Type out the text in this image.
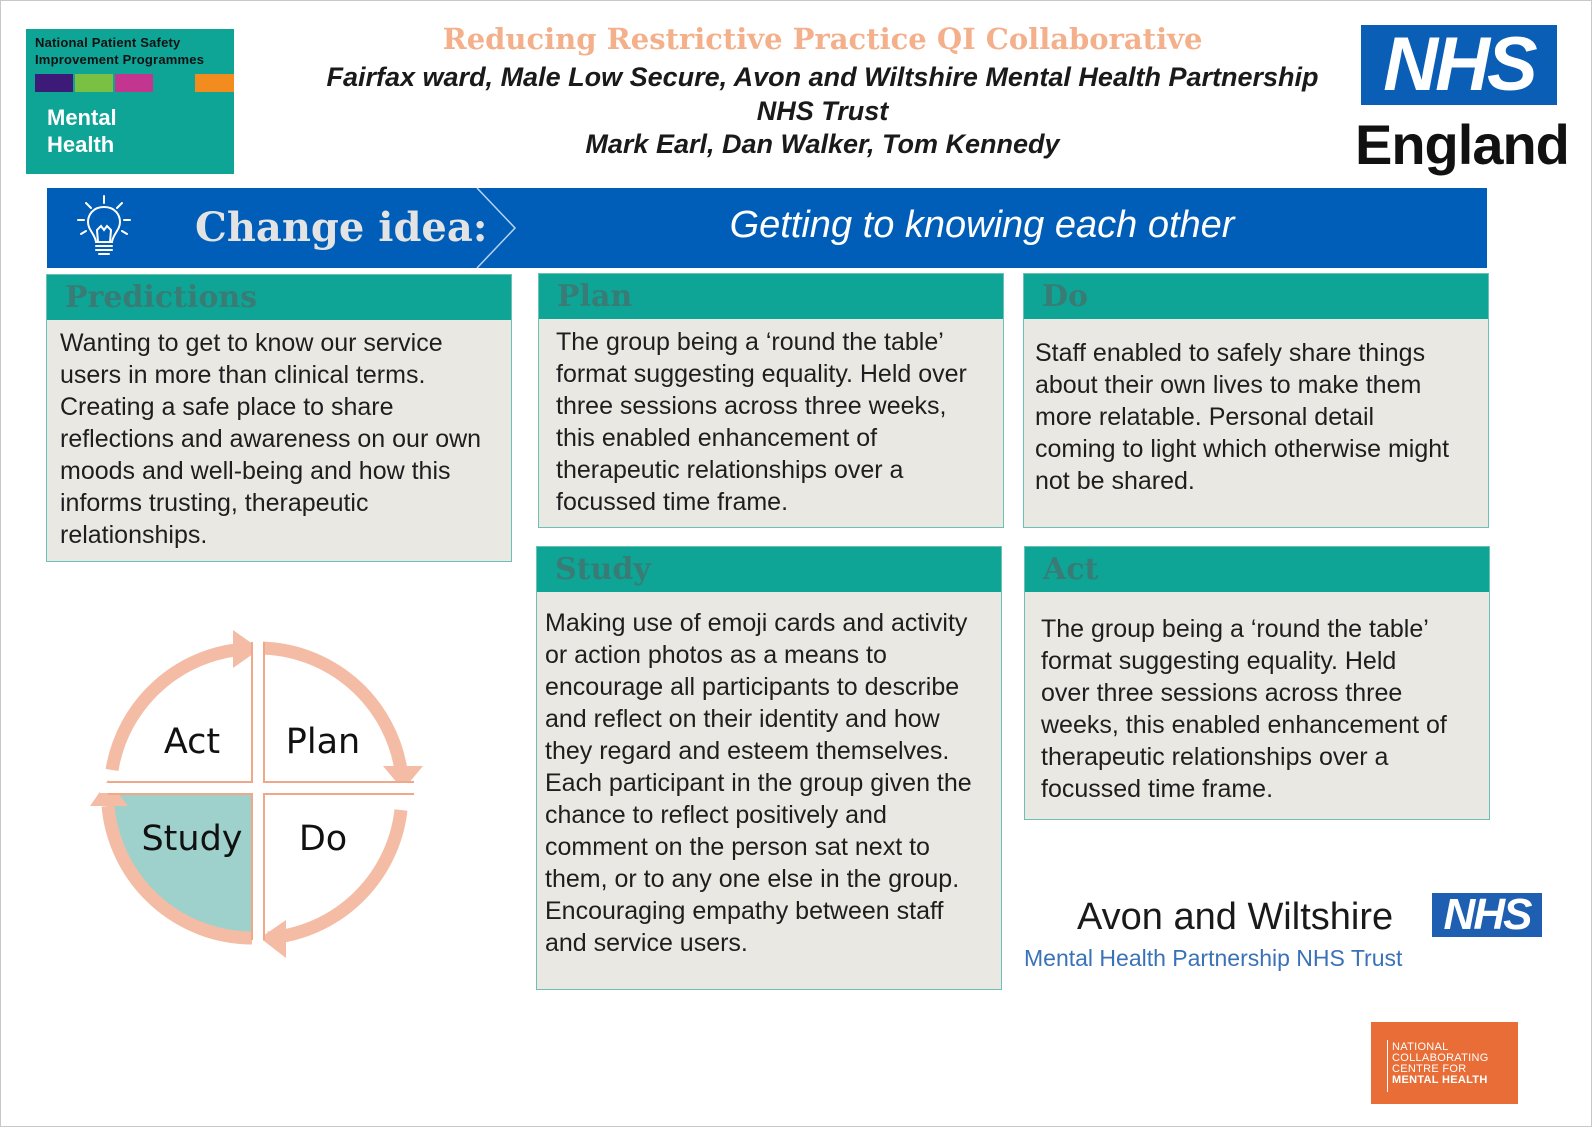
National Patient Safety
Improvement Programmes
Mental
Health
Reducing Restrictive Practice QI Collaborative
Fairfax ward, Male Low Secure, Avon and Wiltshire Mental Health Partnership
NHS Trust
Mark Earl, Dan Walker, Tom Kennedy
NHS
England
Change idea:	Getting to knowing each other
Predictions
Wanting to get to know our service
users in more than clinical terms.
Creating a safe place to share
reflections and awareness on our own
moods and well-being and how this
informs trusting, therapeutic
relationships.
Plan
The group being a ‘round the table’
format suggesting equality. Held over
three sessions across three weeks,
this enabled enhancement of
therapeutic relationships over a
focussed time frame.
Do
Staff enabled to safely share things
about their own lives to make them
more relatable. Personal detail
coming to light which otherwise might
not be shared.
Study
Making use of emoji cards and activity
or action photos as a means to
encourage all participants to describe
and reflect on their identity and how
they regard and esteem themselves.
Each participant in the group given the
chance to reflect positively and
comment on the person sat next to
them, or to any one else in the group.
Encouraging empathy between staff
and service users.
Act
The group being a ‘round the table’
format suggesting equality. Held
over three sessions across three
weeks, this enabled enhancement of
therapeutic relationships over a
focussed time frame.
Act Plan
Study Do
Avon and Wiltshire NHS
Mental Health Partnership NHS Trust
NATIONAL
COLLABORATING
CENTRE FOR
MENTAL HEALTH
